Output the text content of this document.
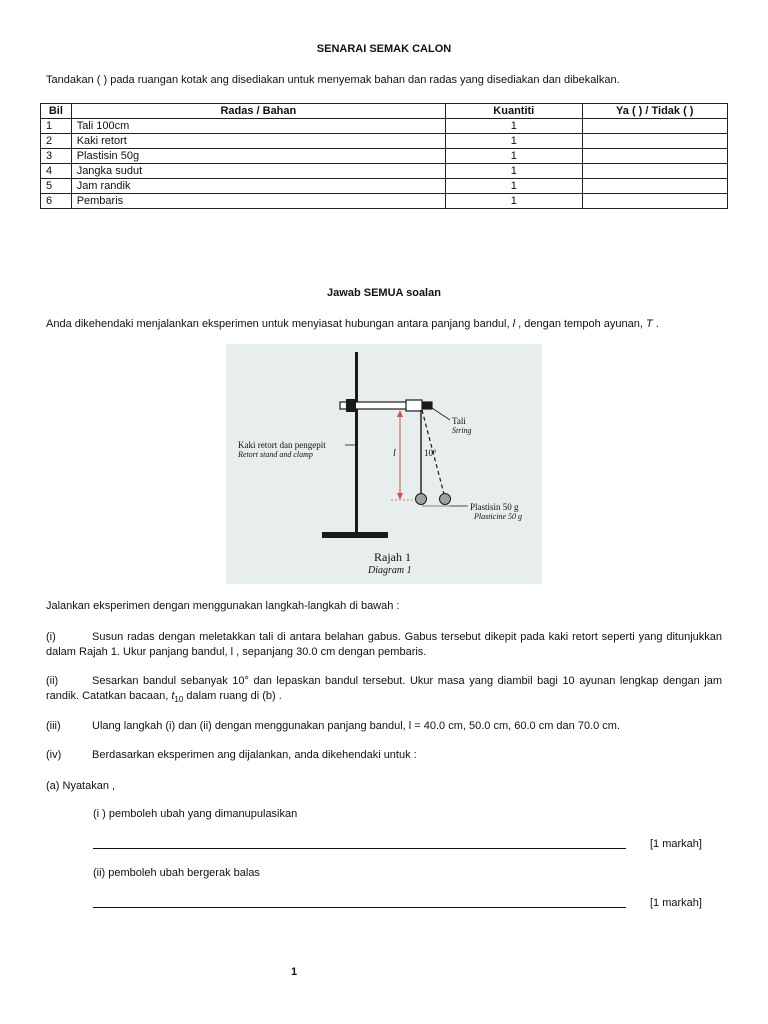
SENARAI SEMAK CALON
Tandakan ( ) pada ruangan kotak ang disediakan untuk menyemak bahan dan radas yang disediakan dan dibekalkan.
Bil	Radas / Bahan	Kuantiti	Ya ( ) / Tidak ( )
1	Tali 100cm	1	
2	Kaki retort	1	
3	Plastisin 50g	1	
4	Jangka sudut	1	
5	Jam randik	1	
6	Pembaris	1	
Jawab SEMUA soalan
Anda dikehendaki menjalankan eksperimen untuk menyiasat hubungan antara panjang bandul, l , dengan tempoh ayunan, T .
Kaki retort dan pengepit
Retort stand and clamp
Tali
String
l	10°
Plastisin 50 g
Plasticine 50 g
Rajah 1
Diagram 1
Jalankan eksperimen dengan menggunakan langkah-langkah di bawah :
(i)	Susun radas dengan meletakkan tali di antara belahan gabus. Gabus tersebut dikepit pada kaki retort seperti yang ditunjukkan dalam Rajah 1. Ukur panjang bandul, l , sepanjang 30.0 cm dengan pembaris.
(ii)	Sesarkan bandul sebanyak 10° dan lepaskan bandul tersebut. Ukur masa yang diambil bagi 10 ayunan lengkap dengan jam randik. Catatkan bacaan, $t_{10}$ dalam ruang di (b) .
(iii)	Ulang langkah (i) dan (ii) dengan menggunakan panjang bandul, l = 40.0 cm, 50.0 cm, 60.0 cm dan 70.0 cm.
(iv)	Berdasarkan eksperimen ang dijalankan, anda dikehendaki untuk :
(a) Nyatakan ,
(i ) pemboleh ubah yang dimanupulasikan
[1 markah]
(ii) pemboleh ubah bergerak balas
[1 markah]
1
